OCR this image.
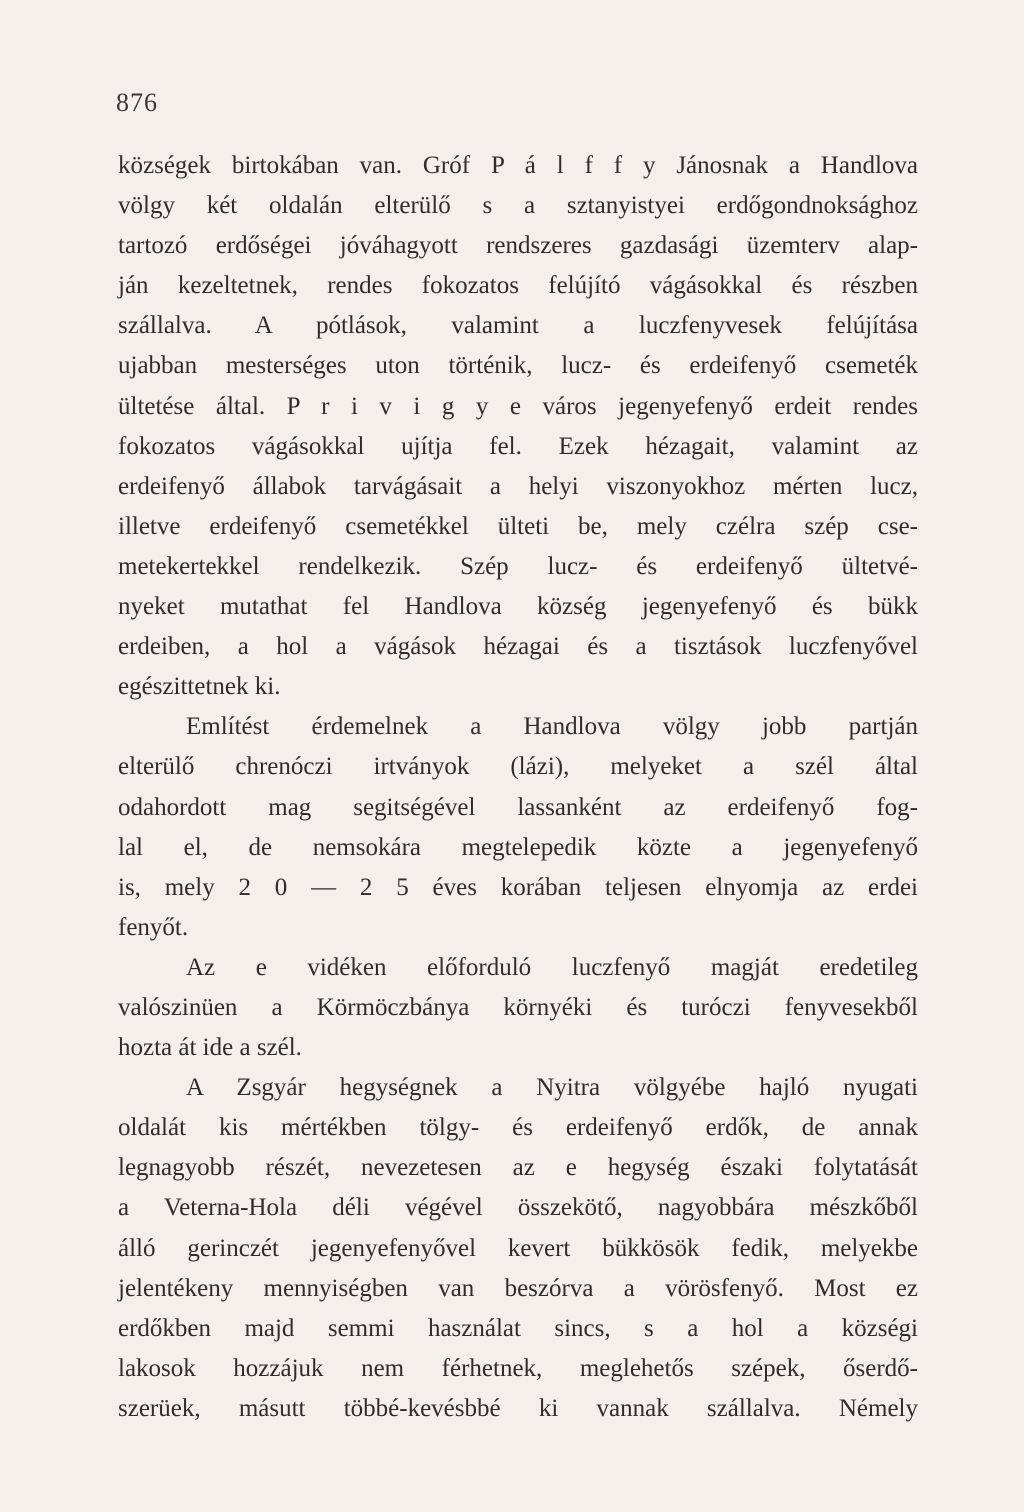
876
községek birtokában van. Gróf P á l f f y Jánosnak a Handlova
völgy két oldalán elterülő s a sztanyistyei erdőgondnoksághoz
tartozó erdőségei jóváhagyott rendszeres gazdasági üzemterv alap-
ján kezeltetnek, rendes fokozatos felújító vágásokkal és részben
szállalva. A pótlások, valamint a luczfenyvesek felújítása
ujabban mesterséges uton történik, lucz- és erdeifenyő csemeték
ültetése által. P r i v i g y e város jegenyefenyő erdeit rendes
fokozatos vágásokkal ujítja fel. Ezek hézagait, valamint az
erdeifenyő állabok tarvágásait a helyi viszonyokhoz mérten lucz,
illetve erdeifenyő csemetékkel ülteti be, mely czélra szép cse-
metekertekkel rendelkezik. Szép lucz- és erdeifenyő ültetvé-
nyeket mutathat fel Handlova község jegenyefenyő és bükk
erdeiben, a hol a vágások hézagai és a tisztások luczfenyővel
egészittetnek ki.
Említést érdemelnek a Handlova völgy jobb partján
elterülő chrenóczi irtványok (lázi), melyeket a szél által
odahordott mag segitségével lassanként az erdeifenyő fog-
lal el, de nemsokára megtelepedik közte a jegenyefenyő
is, mely 2 0 — 2 5 éves korában teljesen elnyomja az erdei
fenyőt.
Az e vidéken előforduló luczfenyő magját eredetileg
valószinüen a Körmöczbánya környéki és turóczi fenyvesekből
hozta át ide a szél.
A Zsgyár hegységnek a Nyitra völgyébe hajló nyugati
oldalát kis mértékben tölgy- és erdeifenyő erdők, de annak
legnagyobb részét, nevezetesen az e hegység északi folytatását
a Veterna-Hola déli végével összekötő, nagyobbára mészkőből
álló gerinczét jegenyefenyővel kevert bükkösök fedik, melyekbe
jelentékeny mennyiségben van beszórva a vörösfenyő. Most ez
erdőkben majd semmi használat sincs, s a hol a községi
lakosok hozzájuk nem férhetnek, meglehetős szépek, őserdő-
szerüek, másutt többé-kevésbbé ki vannak szállalva. Némely
